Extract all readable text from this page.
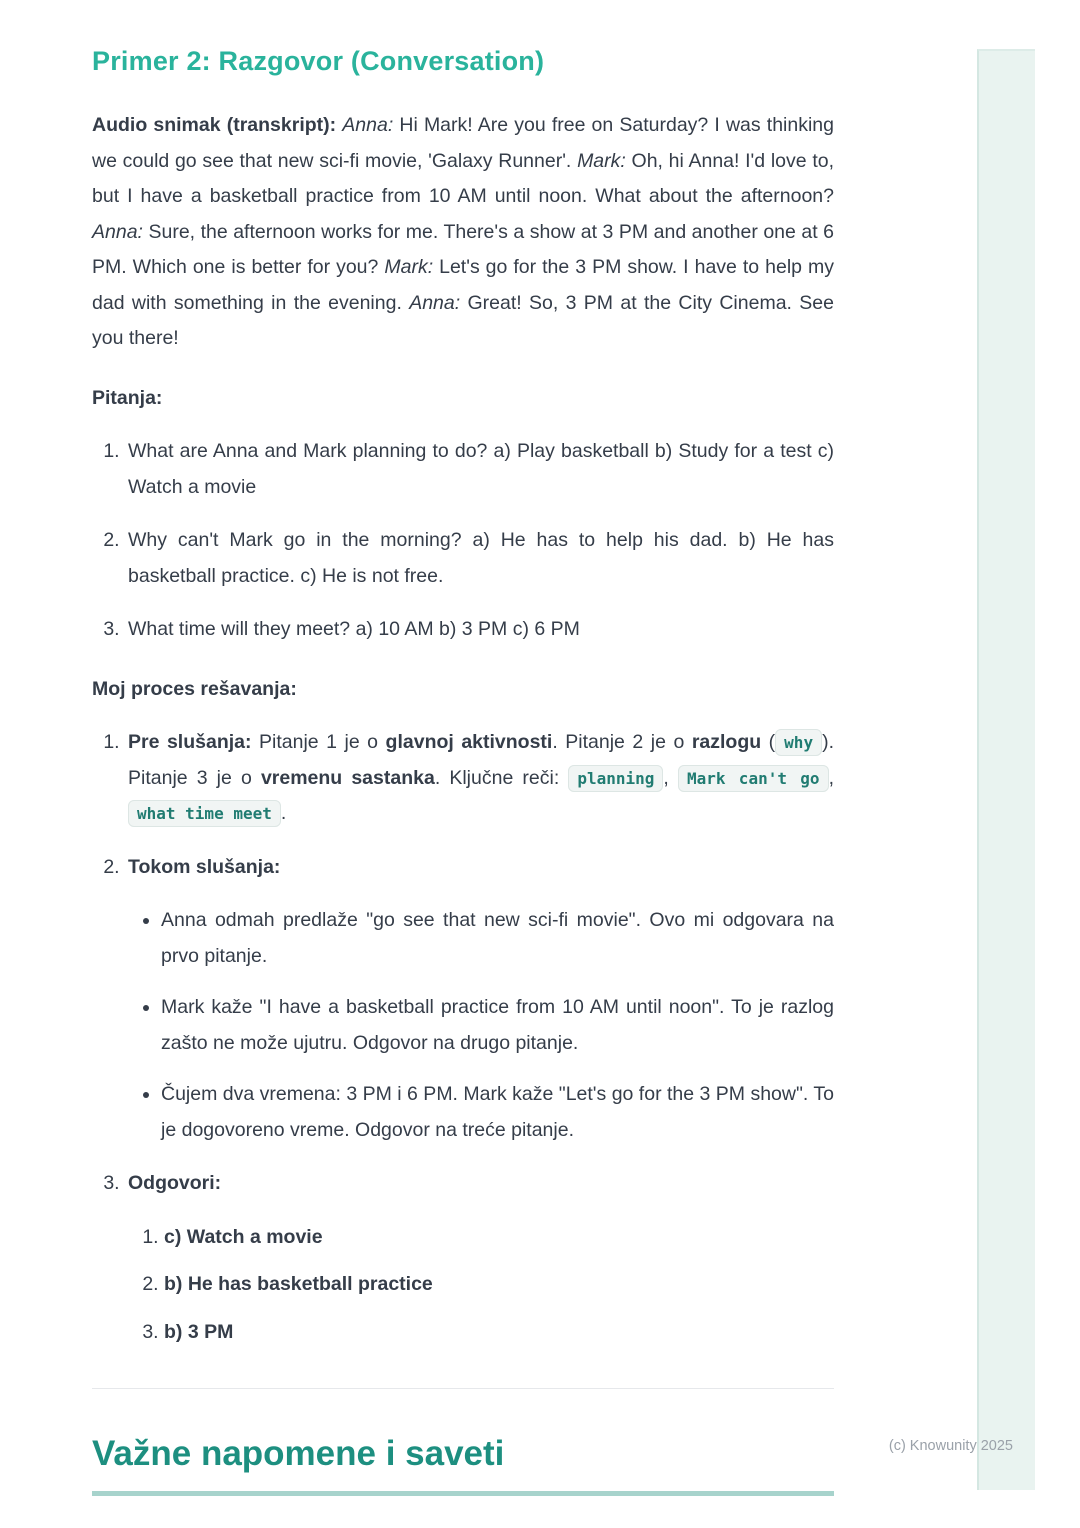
Primer 2: Razgovor (Conversation)

Audio snimak (transkript): Anna: Hi Mark! Are you free on Saturday? I was thinking we could go see that new sci-fi movie, 'Galaxy Runner'. Mark: Oh, hi Anna! I'd love to, but I have a basketball practice from 10 AM until noon. What about the afternoon? Anna: Sure, the afternoon works for me. There's a show at 3 PM and another one at 6 PM. Which one is better for you? Mark: Let's go for the 3 PM show. I have to help my dad with something in the evening. Anna: Great! So, 3 PM at the City Cinema. See you there!

Pitanja:

1. What are Anna and Mark planning to do? a) Play basketball b) Study for a test c) Watch a movie
2. Why can't Mark go in the morning? a) He has to help his dad. b) He has basketball practice. c) He is not free.
3. What time will they meet? a) 10 AM b) 3 PM c) 6 PM

Moj proces rešavanja:

1. Pre slušanja: Pitanje 1 je o glavnoj aktivnosti. Pitanje 2 je o razlogu ( why ). Pitanje 3 je o vremenu sastanka. Ključne reči: planning , Mark can't go , what time meet .
2. Tokom slušanja:
• Anna odmah predlaže "go see that new sci-fi movie". Ovo mi odgovara na prvo pitanje.
• Mark kaže "I have a basketball practice from 10 AM until noon". To je razlog zašto ne može ujutru. Odgovor na drugo pitanje.
• Čujem dva vremena: 3 PM i 6 PM. Mark kaže "Let's go for the 3 PM show". To je dogovoreno vreme. Odgovor na treće pitanje.
3. Odgovori:
1. c) Watch a movie
2. b) He has basketball practice
3. b) 3 PM
Važne napomene i saveti	(c) Knowunity 2025
